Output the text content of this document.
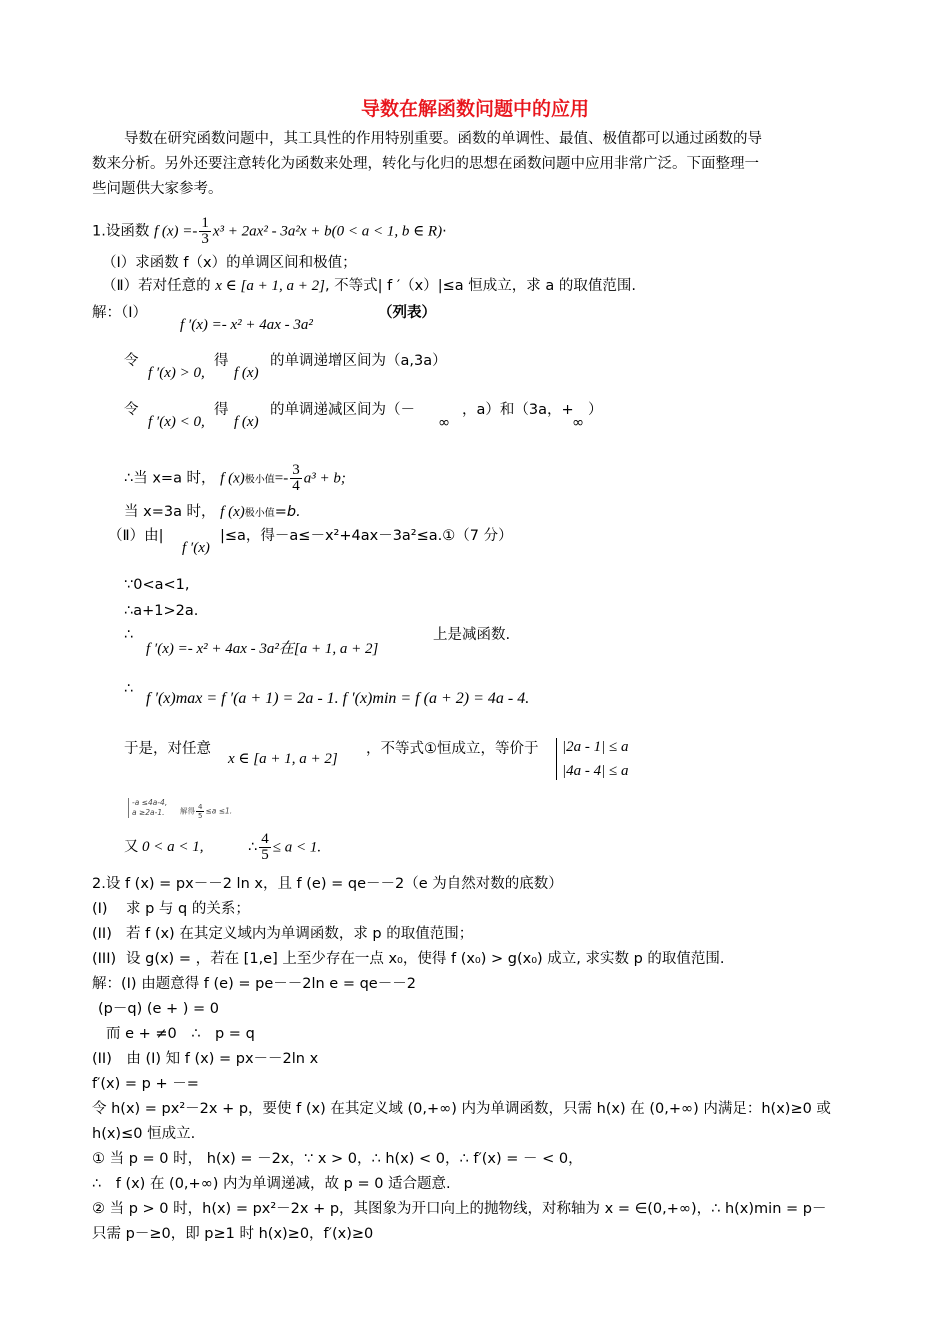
导数在解函数问题中的应用
导数在研究函数问题中，其工具性的作用特别重要。函数的单调性、最值、极值都可以通过函数的导
数来分析。另外还要注意转化为函数来处理，转化与化归的思想在函数问题中应用非常广泛。下面整理一
些问题供大家参考。
1.设函数 f $(x) =- \frac{1}{3} x^3 + 2ax^2 - 3a^2x + b(0 < a < 1$, b ∈ R)·
（Ⅰ）求函数 f（x）的单调区间和极值；
（Ⅱ）若对任意的 x ∈ [a + 1, a + 2], 不等式| f ′（x）|≤a 恒成立，求 a 的取值范围.
解：（Ⅰ）
f ′(x) =- x² + 4ax - 3a²
（列表）
令
f ′(x) > 0,
得
f (x)
的单调递增区间为（a,3a）
令
f ′(x) < 0,
得
f (x)
的单调递减区间为（－
∞
，a）和（3a，+
∞
）
∴当 x=a 时， f (x)极小值=- $\frac{3}{4} a^3 + b$;
当 x=3a 时， f (x)极小值=b.
（Ⅱ）由|
f ′(x)
|≤a，得－a≤－x²+4ax－3a²≤a.①（7 分）
∵0<a<1,
∴a+1>2a.
∴
f ′(x) =- x² + 4ax - 3a²在[a + 1, a + 2]
上是减函数.
∴
f ′(x)max = f ′(a + 1) = 2a - 1. f ′(x)min = f (a + 2) = 4a - 4.
于是，对任意
x ∈ [a + 1, a + 2]
，不等式①恒成立，等价于 |2a - 1| ≤ a
|4a - 4| ≤ a
-a ≤4a-4,
a ≥2a-1. 解得 $\frac{4}{5} \le a \le 1$.
又 0 < a < 1,	∴ $\frac{4}{5} \le a < 1$.
2.设 f (x) = px－－2 ln x，且 f (e) = qe－－2（e 为自然对数的底数）
(I) 求 p 与 q 的关系；
(II) 若 f (x) 在其定义域内为单调函数，求 p 的取值范围；
(III) 设 g(x) = ，若在 [1,e] 上至少存在一点 x₀，使得 f (x₀) > g(x₀) 成立, 求实数 p 的取值范围.
解：(I) 由题意得 f (e) = pe－－2ln e = qe－－2
(p－q) (e + ) = 0
而 e + ≠0　∴　p = q
(II)　由 (I) 知 f (x) = px－－2ln x
f′(x) = p + －=
令 h(x) = px²－2x + p，要使 f (x) 在其定义域 (0,+∞) 内为单调函数，只需 h(x) 在 (0,+∞) 内满足：h(x)≥0 或
h(x)≤0 恒成立.
① 当 p = 0 时， h(x) = －2x，∵ x > 0，∴ h(x) < 0，∴ f′(x) = － < 0，
∴　f (x) 在 (0,+∞) 内为单调递减，故 p = 0 适合题意.
② 当 p > 0 时，h(x) = px²－2x + p，其图象为开口向上的抛物线，对称轴为 x = ∈(0,+∞)，∴ h(x)min = p－
只需 p－≥0，即 p≥1 时 h(x)≥0，f′(x)≥0
